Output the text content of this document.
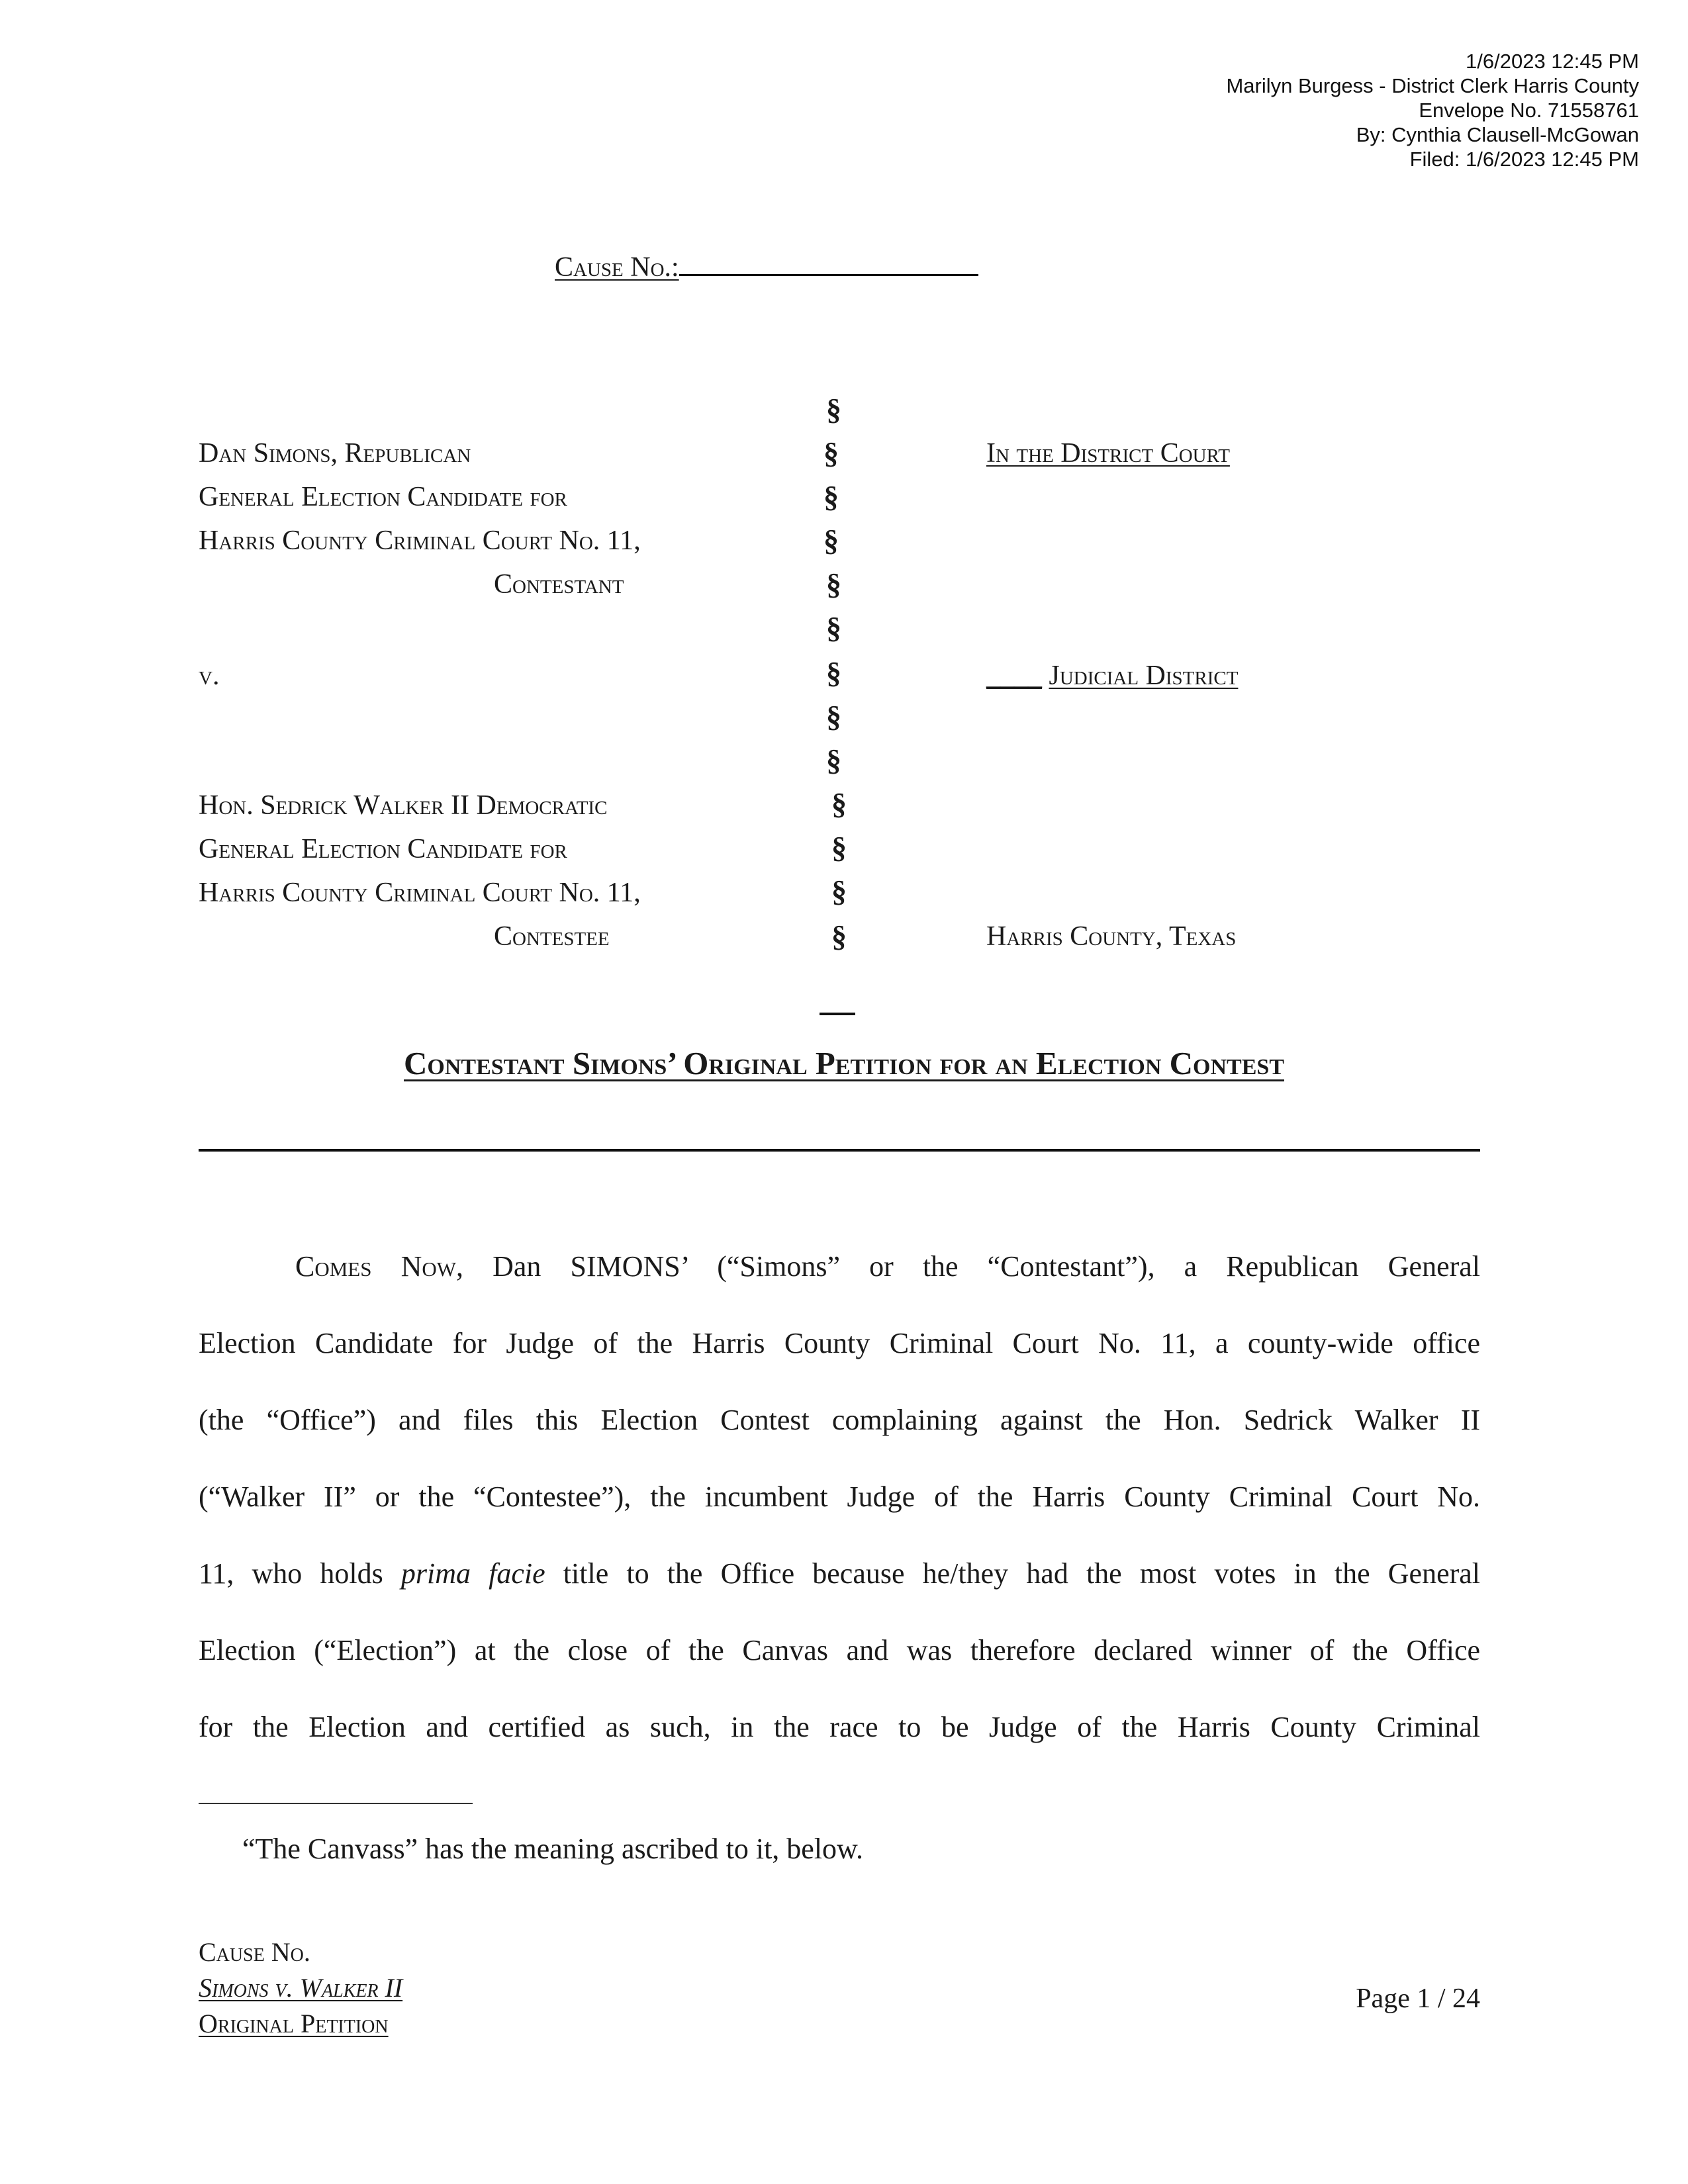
1/6/2023 12:45 PM
Marilyn Burgess - District Clerk Harris County
Envelope No. 71558761
By: Cynthia Clausell-McGowan
Filed: 1/6/2023 12:45 PM
Cause No.:
Dan Simons, Republican
General Election Candidate for
Harris County Criminal Court No. 11,
Contestant
v.
Hon. Sedrick Walker II Democratic
General Election Candidate for
Harris County Criminal Court No. 11,
Contestee
§
§
§
§
§
§
§
§
§
§
§
§
§
In the District Court
____ Judicial District
Harris County, Texas
Contestant Simons’ Original Petition for an Election Contest
Comes Now, Dan SIMONS’ (“Simons” or the “Contestant”), a Republican General
Election Candidate for Judge of the Harris County Criminal Court No. 11, a county-wide office
(the “Office”) and files this Election Contest complaining against the Hon. Sedrick Walker II
(“Walker II” or the “Contestee”), the incumbent Judge of the Harris County Criminal Court No.
11, who holds prima facie title to the Office because he/they had the most votes in the General
Election (“Election”) at the close of the Canvas and was therefore declared winner of the Office
for the Election and certified as such, in the race to be Judge of the Harris County Criminal
“The Canvass” has the meaning ascribed to it, below.
Cause No.
Simons v. Walker II
Original Petition
Page 1 / 24
